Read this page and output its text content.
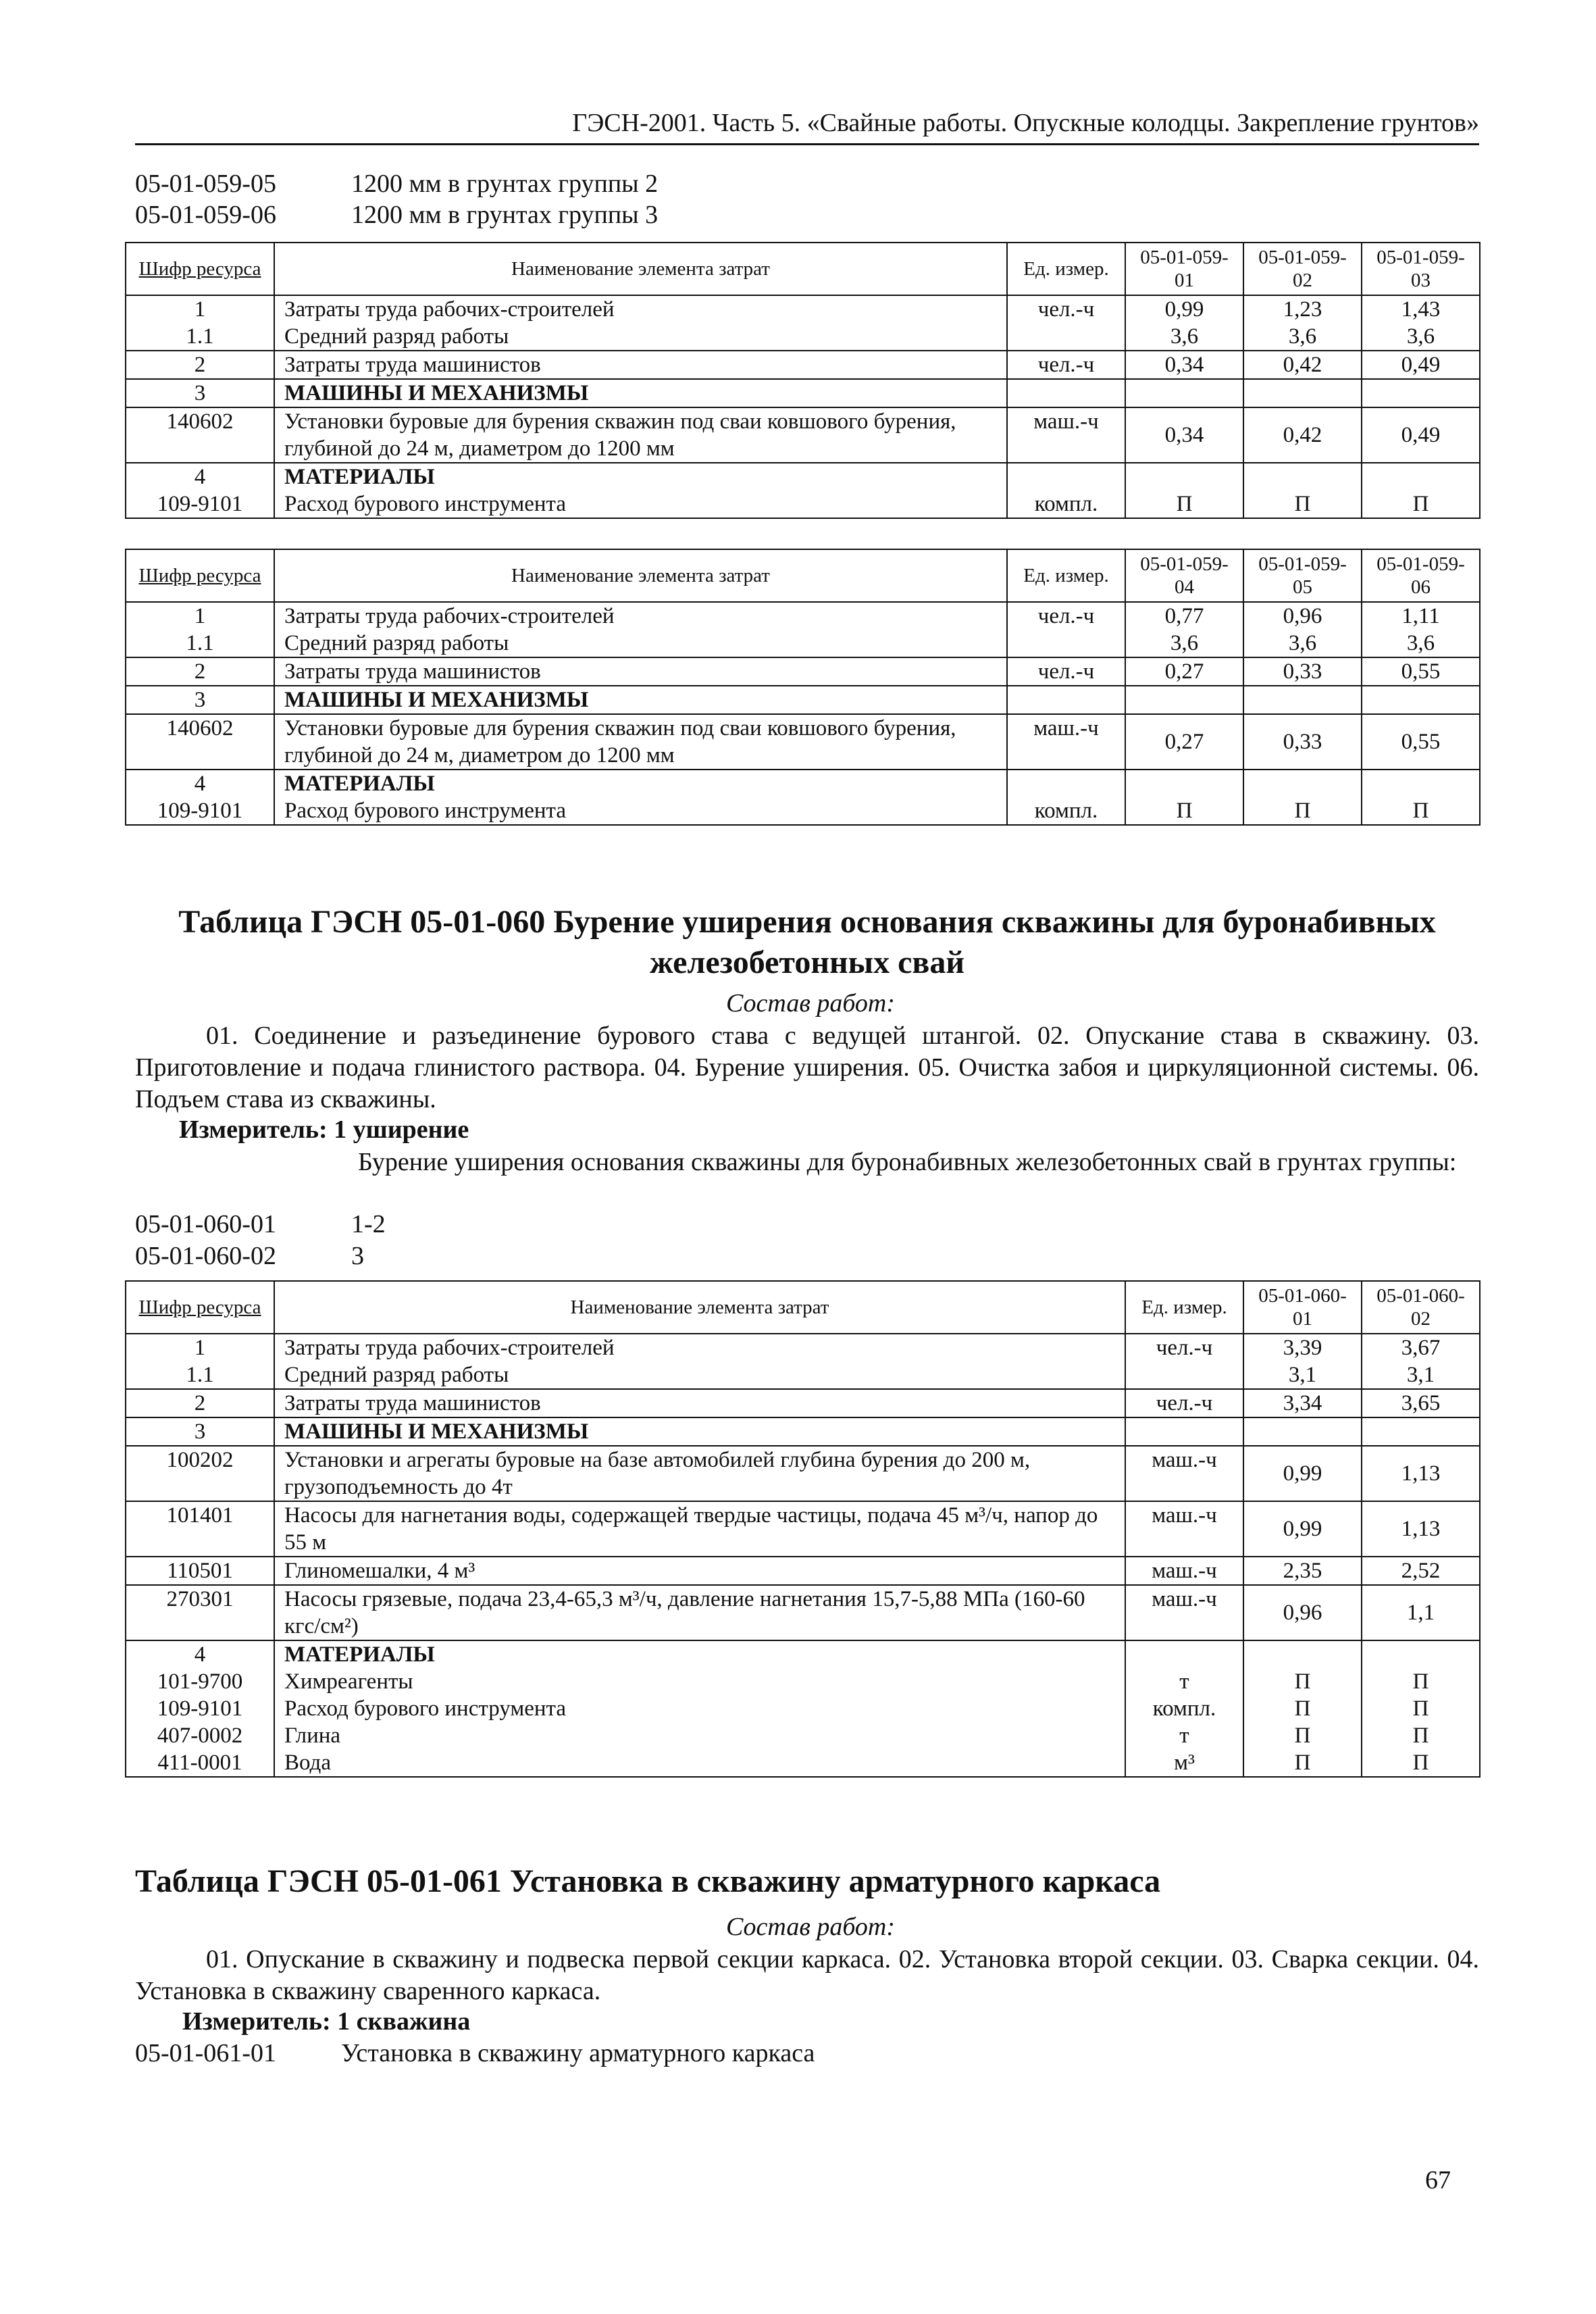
ГЭСН-2001. Часть 5. «Свайные работы. Опускные колодцы. Закрепление грунтов»
05-01-059-05	1200 мм в грунтах группы 2
05-01-059-06	1200 мм в грунтах группы 3
Шифр ресурса	Наименование элемента затрат	Ед. измер.	05-01-059-01	05-01-059-02	05-01-059-03
1	Затраты труда рабочих-строителей	чел.-ч	0,99	1,23	1,43
1.1	Средний разряд работы		3,6	3,6	3,6
2	Затраты труда машинистов	чел.-ч	0,34	0,42	0,49
3	МАШИНЫ И МЕХАНИЗМЫ				
140602	Установки буровые для бурения скважин под сваи ковшового бурения, глубиной до 24 м, диаметром до 1200 мм	маш.-ч	0,34	0,42	0,49
4	МАТЕРИАЛЫ				
109-9101	Расход бурового инструмента	компл.	П	П	П
Шифр ресурса	Наименование элемента затрат	Ед. измер.	05-01-059-04	05-01-059-05	05-01-059-06
1	Затраты труда рабочих-строителей	чел.-ч	0,77	0,96	1,11
1.1	Средний разряд работы		3,6	3,6	3,6
2	Затраты труда машинистов	чел.-ч	0,27	0,33	0,55
3	МАШИНЫ И МЕХАНИЗМЫ				
140602	Установки буровые для бурения скважин под сваи ковшового бурения, глубиной до 24 м, диаметром до 1200 мм	маш.-ч	0,27	0,33	0,55
4	МАТЕРИАЛЫ				
109-9101	Расход бурового инструмента	компл.	П	П	П
Таблица ГЭСН 05-01-060 Бурение уширения основания скважины для буронабивных
железобетонных свай
Состав работ:
01. Соединение и разъединение бурового става с ведущей штангой. 02. Опускание става в скважину. 03. Приготовление и подача глинистого раствора. 04. Бурение уширения. 05. Очистка забоя и циркуляционной системы. 06. Подъем става из скважины.
Измеритель: 1 уширение
Бурение уширения основания скважины для буронабивных железобетонных свай в грунтах группы:
05-01-060-01	1-2
05-01-060-02	3
Шифр ресурса	Наименование элемента затрат	Ед. измер.	05-01-060-01	05-01-060-02
1	Затраты труда рабочих-строителей	чел.-ч	3,39	3,67
1.1	Средний разряд работы		3,1	3,1
2	Затраты труда машинистов	чел.-ч	3,34	3,65
3	МАШИНЫ И МЕХАНИЗМЫ			
100202	Установки и агрегаты буровые на базе автомобилей глубина бурения до 200 м, грузоподъемность до 4т	маш.-ч	0,99	1,13
101401	Насосы для нагнетания воды, содержащей твердые частицы, подача 45 м³/ч, напор до 55 м	маш.-ч	0,99	1,13
110501	Глиномешалки, 4 м³	маш.-ч	2,35	2,52
270301	Насосы грязевые, подача 23,4-65,3 м³/ч, давление нагнетания 15,7-5,88 МПа (160-60 кгс/см²)	маш.-ч	0,96	1,1
4	МАТЕРИАЛЫ			
101-9700	Химреагенты	т	П	П
109-9101	Расход бурового инструмента	компл.	П	П
407-0002	Глина	т	П	П
411-0001	Вода	м³	П	П
Таблица ГЭСН 05-01-061 Установка в скважину арматурного каркаса
Состав работ:
01. Опускание в скважину и подвеска первой секции каркаса. 02. Установка второй секции. 03. Сварка секции. 04. Установка в скважину сваренного каркаса.
Измеритель: 1 скважина
05-01-061-01	Установка в скважину арматурного каркаса
67
